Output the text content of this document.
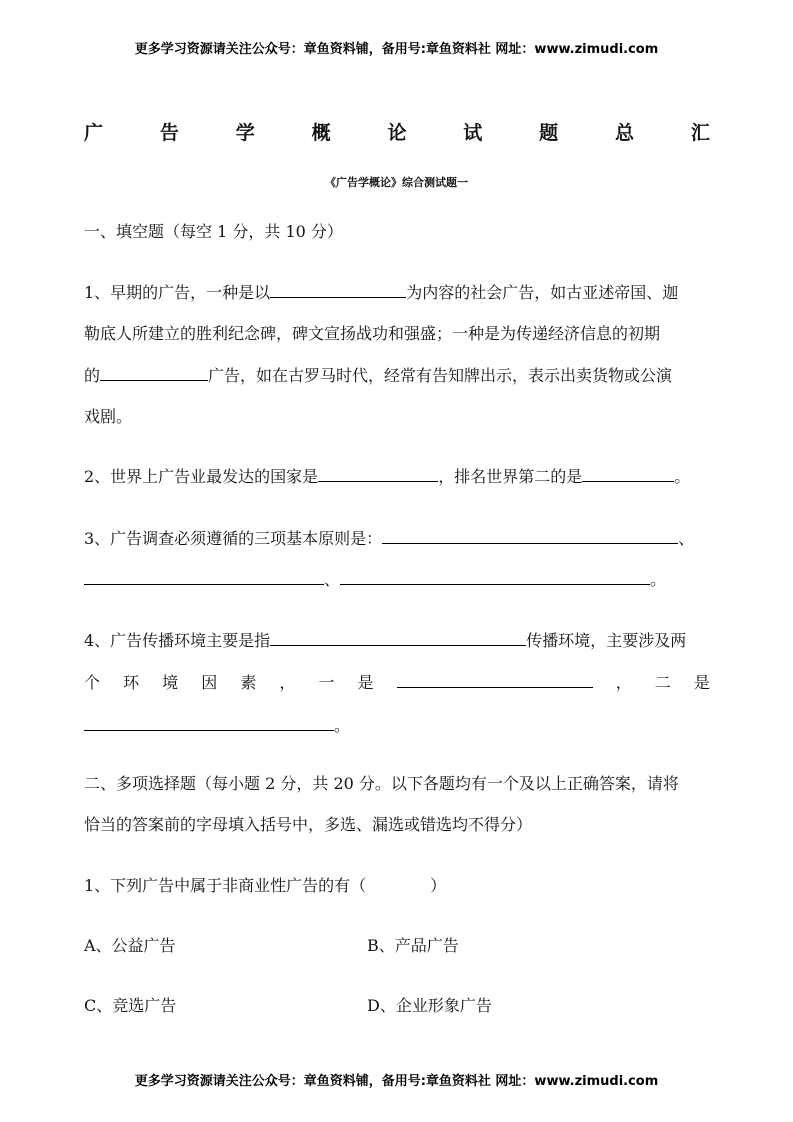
更多学习资源请关注公众号：章鱼资料铺，备用号:章鱼资料社 网址：www.zimudi.com
广	告	学	概	论	试	题	总	汇
《广告学概论》综合测试题一
一、填空题（每空 1 分，共 10 分）
1、早期的广告，一种是以	为内容的社会广告，如古亚述帝国、迦
勒底人所建立的胜利纪念碑，碑文宣扬战功和强盛；一种是为传递经济信息的初期
的	广告，如在古罗马时代，经常有告知牌出示，表示出卖货物或公演
戏剧。
2、世界上广告业最发达的国家是	，排名世界第二的是	。
3、广告调查必须遵循的三项基本原则是：	、
、	。
4、广告传播环境主要是指	传播环境，主要涉及两
个 环 境 因 素 ， 一 是	， 二 是
。
二、多项选择题（每小题 2 分，共 20 分。以下各题均有一个及以上正确答案，请将
恰当的答案前的字母填入括号中，多选、漏选或错选均不得分）
1、下列广告中属于非商业性广告的有（　　　　）
A、公益广告	B、产品广告
C、竞选广告	D、企业形象广告
更多学习资源请关注公众号：章鱼资料铺，备用号:章鱼资料社 网址：www.zimudi.com
